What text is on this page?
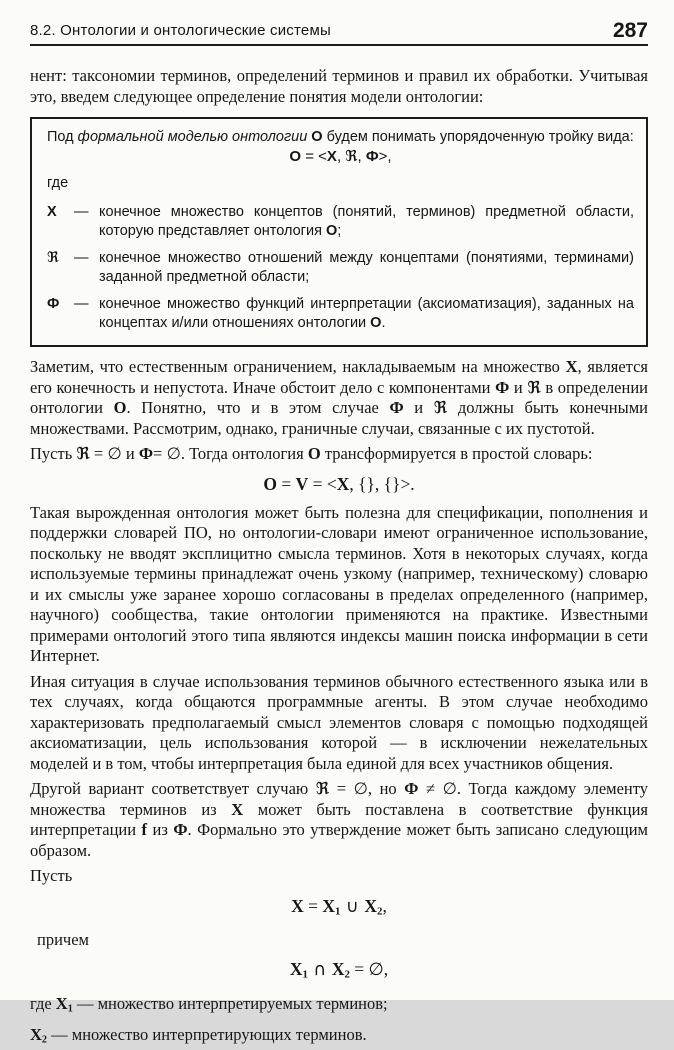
8.2. Онтологии и онтологические системы	287

нент: таксономии терминов, определений терминов и правил их обработки. Учитывая это, введем следующее определение понятия модели онтологии:

Под формальной моделью онтологии O будем понимать упорядоченную тройку вида:

O = <X, ℜ, Ф>,

где

X	— конечное множество концептов (понятий, терминов) предметной области, которую представляет онтология O;
ℜ	— конечное множество отношений между концептами (понятиями, терминами) заданной предметной области;
Ф	— конечное множество функций интерпретации (аксиоматизация), заданных на концептах и/или отношениях онтологии O.

Заметим, что естественным ограничением, накладываемым на множество X, является его конечность и непустота. Иначе обстоит дело с компонентами Ф и ℜ в определении онтологии O. Понятно, что и в этом случае Ф и ℜ должны быть конечными множествами. Рассмотрим, однако, граничные случаи, связанные с их пустотой.

Пусть ℜ = ∅ и Ф= ∅. Тогда онтология O трансформируется в простой словарь:

O = V = <X, {}, {}>.

Такая вырожденная онтология может быть полезна для спецификации, пополнения и поддержки словарей ПО, но онтологии-словари имеют ограниченное использование, поскольку не вводят эксплицитно смысла терминов. Хотя в некоторых случаях, когда используемые термины принадлежат очень узкому (например, техническому) словарю и их смыслы уже заранее хорошо согласованы в пределах определенного (например, научного) сообщества, такие онтологии применяются на практике. Известными примерами онтологий этого типа являются индексы машин поиска информации в сети Интернет.

Иная ситуация в случае использования терминов обычного естественного языка или в тех случаях, когда общаются программные агенты. В этом случае необходимо характеризовать предполагаемый смысл элементов словаря с помощью подходящей аксиоматизации, цель использования которой — в исключении нежелательных моделей и в том, чтобы интерпретация была единой для всех участников общения.

Другой вариант соответствует случаю ℜ = ∅, но Ф ≠ ∅. Тогда каждому элементу множества терминов из X может быть поставлена в соответствие функция интерпретации f из Ф. Формально это утверждение может быть записано следующим образом.

Пусть

$X = X_1$ ∪ $X_2$,

причем

$X_1$ ∩ $X_2$ = ∅,

где $X_1$ — множество интерпретируемых терминов;

$X_2$ — множество интерпретирующих терминов.
